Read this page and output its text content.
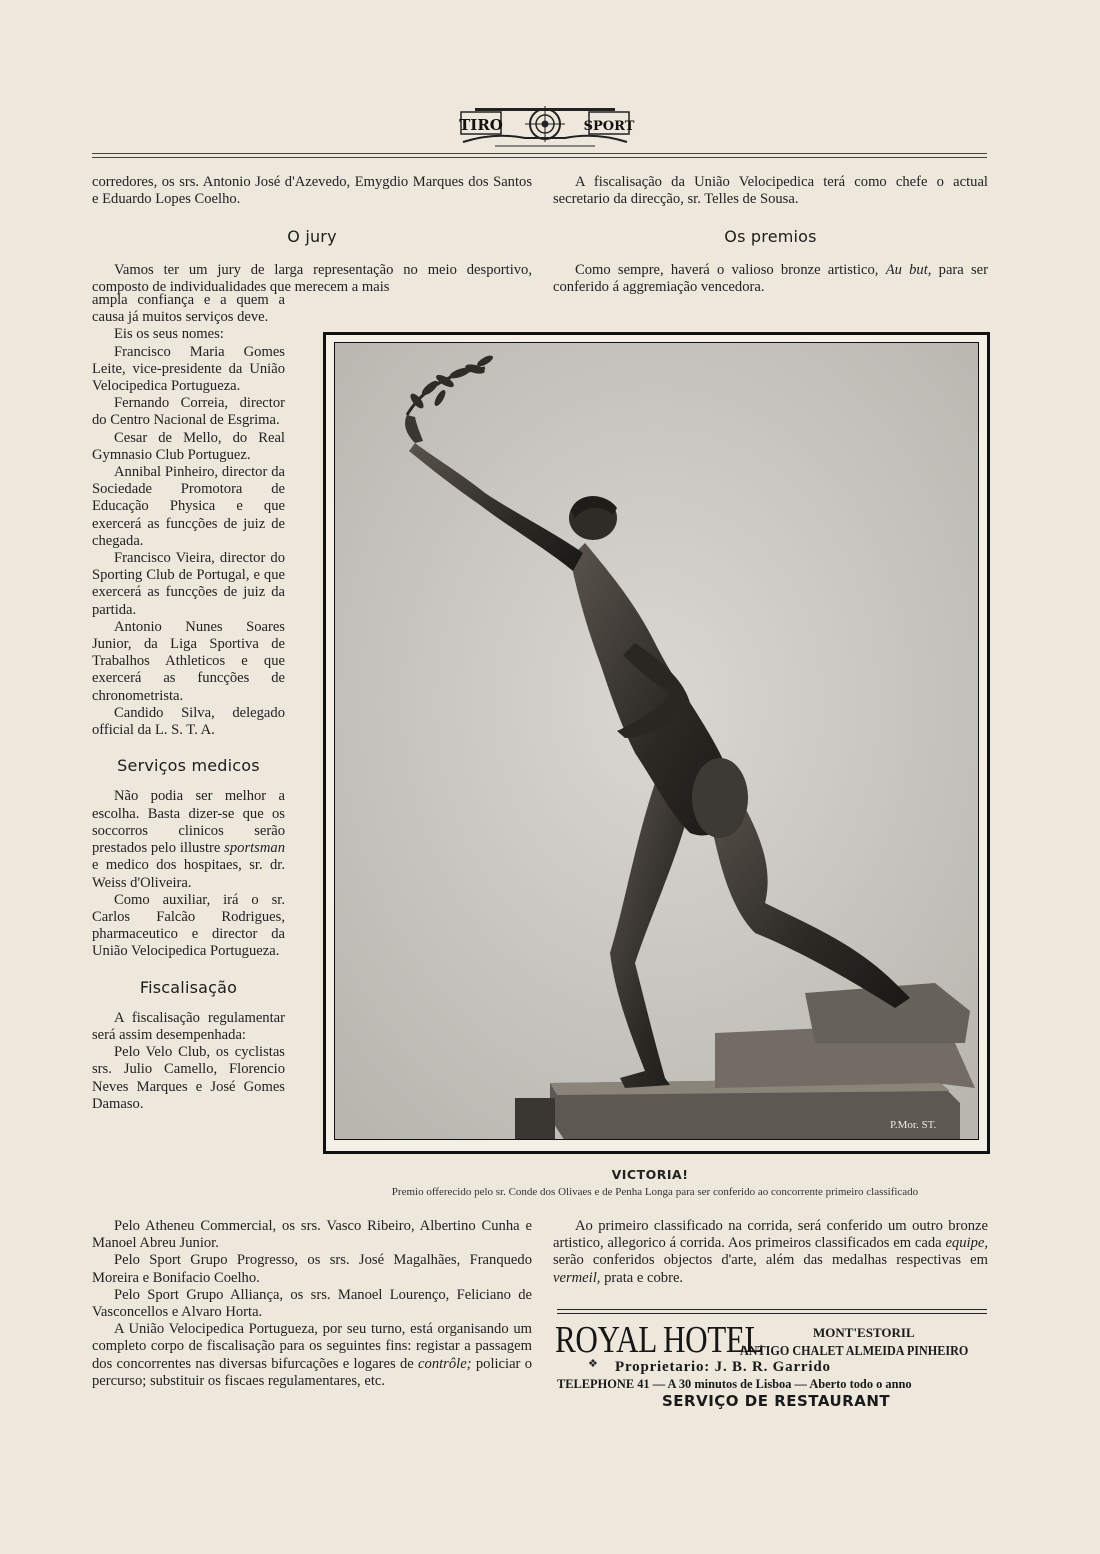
TIRO	SPORT

corredores, os srs. Antonio José d'Azevedo, Emygdio Marques dos Santos e Eduardo Lopes Coelho.

O jury

Vamos ter um jury de larga representação no meio desportivo, composto de individualidades que merecem a mais

ampla confiança e a quem a causa já muitos serviços deve.

Eis os seus nomes:

Francisco Maria Gomes Leite, vice-presidente da União Velocipedica Portugueza.

Fernando Correia, director do Centro Nacional de Esgrima.

Cesar de Mello, do Real Gymnasio Club Portuguez.

Annibal Pinheiro, director da Sociedade Promotora de Educação Physica e que exercerá as funcções de juiz de chegada.

Francisco Vieira, director do Sporting Club de Portugal, e que exercerá as funcções de juiz da partida.

Antonio Nunes Soares Junior, da Liga Sportiva de Trabalhos Athleticos e que exercerá as funcções de chronometrista.

Candido Silva, delegado official da L. S. T. A.

Serviços medicos

Não podia ser melhor a escolha. Basta dizer-se que os soccorros clinicos serão prestados pelo illustre sportsman e medico dos hospitaes, sr. dr. Weiss d'Oliveira.

Como auxiliar, irá o sr. Carlos Falcão Rodrigues, pharmaceutico e director da União Velocipedica Portugueza.

Fiscalisação

A fiscalisação regulamentar será assim desempenhada:

Pelo Velo Club, os cyclistas srs. Julio Camello, Florencio Neves Marques e José Gomes Damaso.

Pelo Atheneu Commercial, os srs. Vasco Ribeiro, Albertino Cunha e Manoel Abreu Junior.

Pelo Sport Grupo Progresso, os srs. José Magalhães, Franquedo Moreira e Bonifacio Coelho.

Pelo Sport Grupo Alliança, os srs. Manoel Lourenço, Feliciano de Vasconcellos e Alvaro Horta.

A União Velocipedica Portugueza, por seu turno, está organisando um completo corpo de fiscalisação para os seguintes fins: registar a passagem dos concorrentes nas diversas bifurcações e logares de contrôle; policiar o percurso; substituir os fiscaes regulamentares, etc.

A fiscalisação da União Velocipedica terá como chefe o actual secretario da direcção, sr. Telles de Sousa.

Os premios

Como sempre, haverá o valioso bronze artistico, Au but, para ser conferido á aggremiação vencedora.

P.Mor. ST.
VICTORIA!
Premio offerecido pelo sr. Conde dos Olivaes e de Penha Longa para ser conferido ao concorrente primeiro classificado

Ao primeiro classificado na corrida, será conferido um outro bronze artistico, allegorico á corrida. Aos primeiros classificados em cada equipe, serão conferidos objectos d'arte, além das medalhas respectivas em vermeil, prata e cobre.

ROYAL HOTEL	MONT'ESTORIL
ANTIGO CHALET ALMEIDA PINHEIRO
❖ Proprietario: J. B. R. Garrido
TELEPHONE 41 — A 30 minutos de Lisboa — Aberto todo o anno
SERVIÇO DE RESTAURANT
